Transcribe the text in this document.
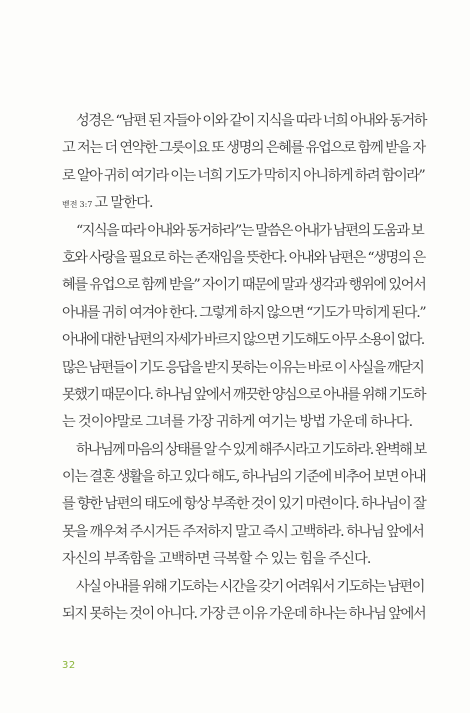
성경은 “남편 된 자들아 이와 같이 지식을 따라 너희 아내와 동거하
고 저는 더 연약한 그릇이요 또 생명의 은혜를 유업으로 함께 받을 자
로 알아 귀히 여기라 이는 너희 기도가 막히지 아니하게 하려 함이라”
벧전 3:7 고 말한다.
“지식을 따라 아내와 동거하라”는 말씀은 아내가 남편의 도움과 보
호와 사랑을 필요로 하는 존재임을 뜻한다. 아내와 남편은 “생명의 은
혜를 유업으로 함께 받을” 자이기 때문에 말과 생각과 행위에 있어서
아내를 귀히 여겨야 한다. 그렇게 하지 않으면 “기도가 막히게 된다.”
아내에 대한 남편의 자세가 바르지 않으면 기도해도 아무 소용이 없다.
많은 남편들이 기도 응답을 받지 못하는 이유는 바로 이 사실을 깨닫지
못했기 때문이다. 하나님 앞에서 깨끗한 양심으로 아내를 위해 기도하
는 것이야말로 그녀를 가장 귀하게 여기는 방법 가운데 하나다.
하나님께 마음의 상태를 알 수 있게 해주시라고 기도하라. 완벽해 보
이는 결혼 생활을 하고 있다 해도, 하나님의 기준에 비추어 보면 아내
를 향한 남편의 태도에 항상 부족한 것이 있기 마련이다. 하나님이 잘
못을 깨우쳐 주시거든 주저하지 말고 즉시 고백하라. 하나님 앞에서
자신의 부족함을 고백하면 극복할 수 있는 힘을 주신다.
사실 아내를 위해 기도하는 시간을 갖기 어려워서 기도하는 남편이
되지 못하는 것이 아니다. 가장 큰 이유 가운데 하나는 하나님 앞에서
32
